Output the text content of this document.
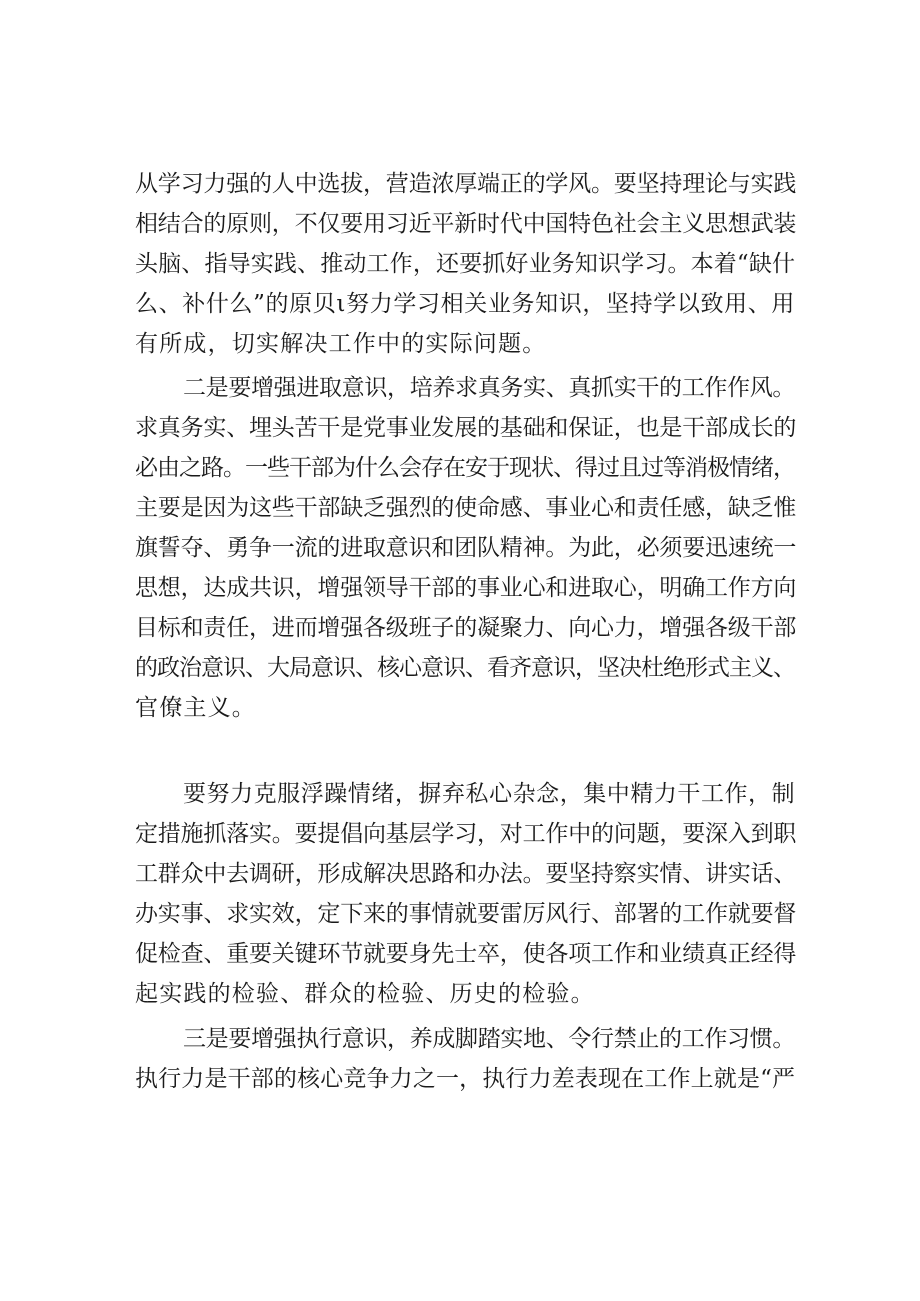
从学习力强的人中选拔，营造浓厚端正的学风。要坚持理论与实践
相结合的原则，不仅要用习近平新时代中国特色社会主义思想武装
头脑、指导实践、推动工作，还要抓好业务知识学习。本着“缺什
么、补什么”的原贝ι努力学习相关业务知识，坚持学以致用、用
有所成，切实解决工作中的实际问题。
二是要增强进取意识，培养求真务实、真抓实干的工作作风。
求真务实、埋头苦干是党事业发展的基础和保证，也是干部成长的
必由之路。一些干部为什么会存在安于现状、得过且过等消极情绪，
主要是因为这些干部缺乏强烈的使命感、事业心和责任感，缺乏惟
旗誓夺、勇争一流的进取意识和团队精神。为此，必须要迅速统一
思想，达成共识，增强领导干部的事业心和进取心，明确工作方向
目标和责任，进而增强各级班子的凝聚力、向心力，增强各级干部
的政治意识、大局意识、核心意识、看齐意识，坚决杜绝形式主义、
官僚主义。
要努力克服浮躁情绪，摒弃私心杂念，集中精力干工作，制
定措施抓落实。要提倡向基层学习，对工作中的问题，要深入到职
工群众中去调研，形成解决思路和办法。要坚持察实情、讲实话、
办实事、求实效，定下来的事情就要雷厉风行、部署的工作就要督
促检查、重要关键环节就要身先士卒，使各项工作和业绩真正经得
起实践的检验、群众的检验、历史的检验。
三是要增强执行意识，养成脚踏实地、令行禁止的工作习惯。
执行力是干部的核心竞争力之一，执行力差表现在工作上就是“严
